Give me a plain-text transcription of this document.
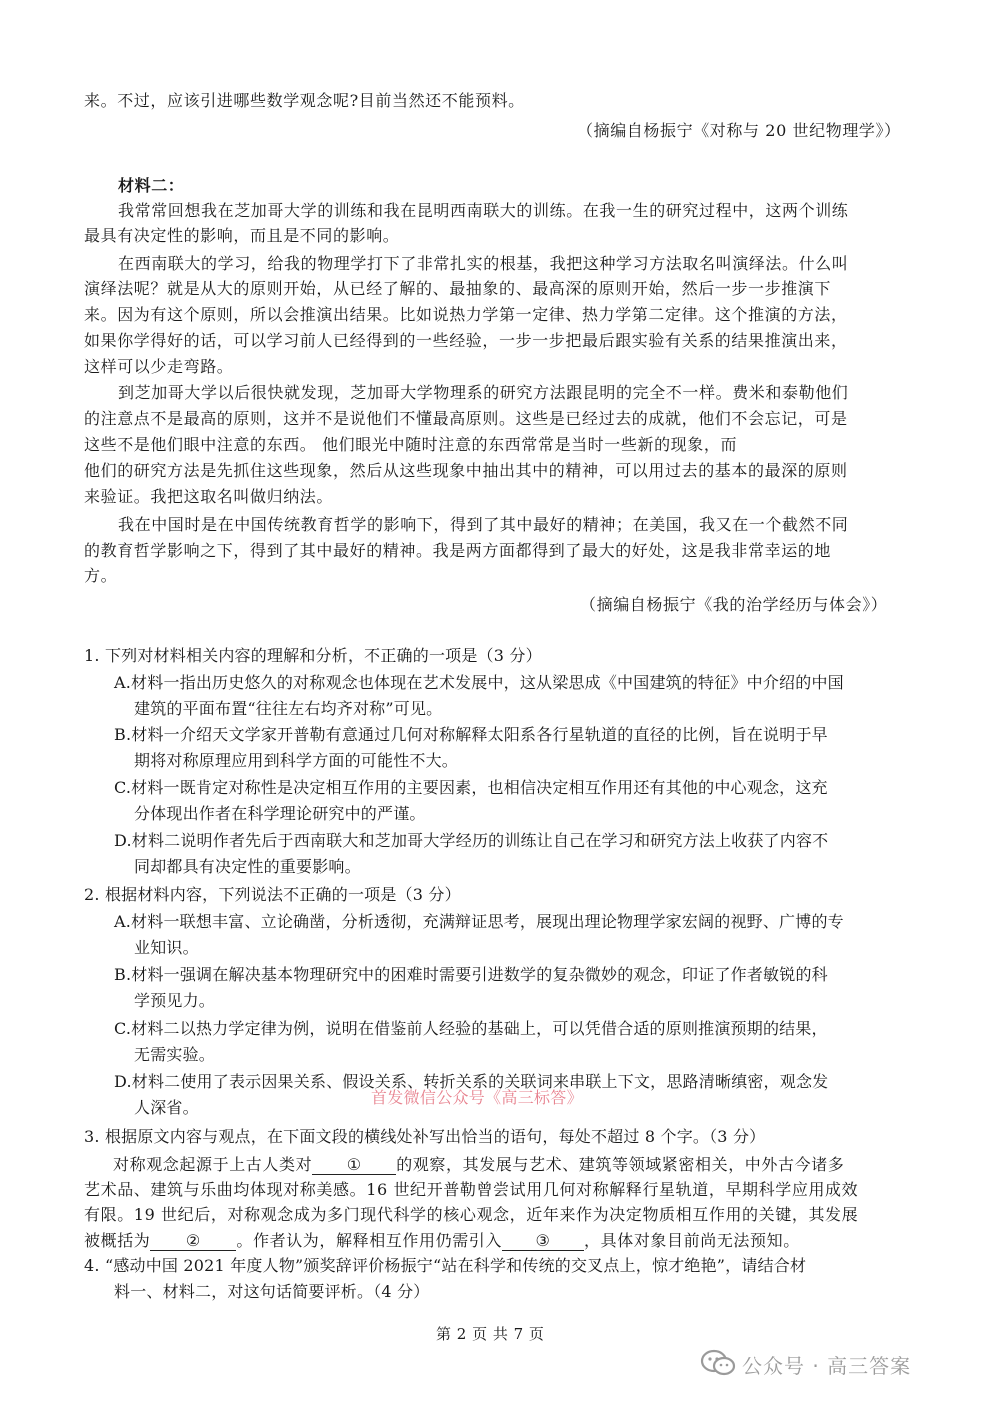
来。不过，应该引进哪些数学观念呢?目前当然还不能预料。
（摘编自杨振宁《对称与 20 世纪物理学》）
材料二：
我常常回想我在芝加哥大学的训练和我在昆明西南联大的训练。在我一生的研究过程中，这两个训练
最具有决定性的影响，而且是不同的影响。
在西南联大的学习，给我的物理学打下了非常扎实的根基，我把这种学习方法取名叫演绎法。什么叫
演绎法呢？就是从大的原则开始，从已经了解的、最抽象的、最高深的原则开始，然后一步一步推演下
来。因为有这个原则，所以会推演出结果。比如说热力学第一定律、热力学第二定律。这个推演的方法，
如果你学得好的话，可以学习前人已经得到的一些经验，一步一步把最后跟实验有关系的结果推演出来，
这样可以少走弯路。
到芝加哥大学以后很快就发现，芝加哥大学物理系的研究方法跟昆明的完全不一样。费米和泰勒他们
的注意点不是最高的原则，这并不是说他们不懂最高原则。这些是已经过去的成就，他们不会忘记，可是
这些不是他们眼中注意的东西。 他们眼光中随时注意的东西常常是当时一些新的现象，而
他们的研究方法是先抓住这些现象，然后从这些现象中抽出其中的精神，可以用过去的基本的最深的原则
来验证。我把这取名叫做归纳法。
我在中国时是在中国传统教育哲学的影响下，得到了其中最好的精神；在美国，我又在一个截然不同
的教育哲学影响之下，得到了其中最好的精神。我是两方面都得到了最大的好处，这是我非常幸运的地
方。
（摘编自杨振宁《我的治学经历与体会》）
1. 下列对材料相关内容的理解和分析，不正确的一项是（3 分）
A.材料一指出历史悠久的对称观念也体现在艺术发展中，这从梁思成《中国建筑的特征》中介绍的中国
建筑的平面布置“往往左右均齐对称”可见。
B.材料一介绍天文学家开普勒有意通过几何对称解释太阳系各行星轨道的直径的比例，旨在说明于早
期将对称原理应用到科学方面的可能性不大。
C.材料一既肯定对称性是决定相互作用的主要因素，也相信决定相互作用还有其他的中心观念，这充
分体现出作者在科学理论研究中的严谨。
D.材料二说明作者先后于西南联大和芝加哥大学经历的训练让自己在学习和研究方法上收获了内容不
同却都具有决定性的重要影响。
2. 根据材料内容，下列说法不正确的一项是（3 分）
A.材料一联想丰富、立论确凿，分析透彻，充满辩证思考，展现出理论物理学家宏阔的视野、广博的专
业知识。
B.材料一强调在解决基本物理研究中的困难时需要引进数学的复杂微妙的观念，印证了作者敏锐的科
学预见力。
C.材料二以热力学定律为例，说明在借鉴前人经验的基础上，可以凭借合适的原则推演预期的结果，
无需实验。
D.材料二使用了表示因果关系、假设关系、转折关系的关联词来串联上下文，思路清晰缜密，观念发
人深省。
3. 根据原文内容与观点，在下面文段的横线处补写出恰当的语句，每处不超过 8 个字。（3 分）
4. “感动中国 2021 年度人物”颁奖辞评价杨振宁“站在科学和传统的交叉点上，惊才绝艳”，请结合材
料一、材料二，对这句话简要评析。（4 分）
对称观念起源于上古人类对 ① 的观察，其发展与艺术、建筑等领域紧密相关，中外古今诸多
艺术品、建筑与乐曲均体现对称美感。16 世纪开普勒曾尝试用几何对称解释行星轨道，早期科学应用成效
有限。19 世纪后，对称观念成为多门现代科学的核心观念，近年来作为决定物质相互作用的关键，其发展
被概括为 ② 。作者认为，解释相互作用仍需引入 ③ ，具体对象目前尚无法预知。
首发微信公众号《高三标答》
第 2 页 共 7 页
公众号 · 高三答案
